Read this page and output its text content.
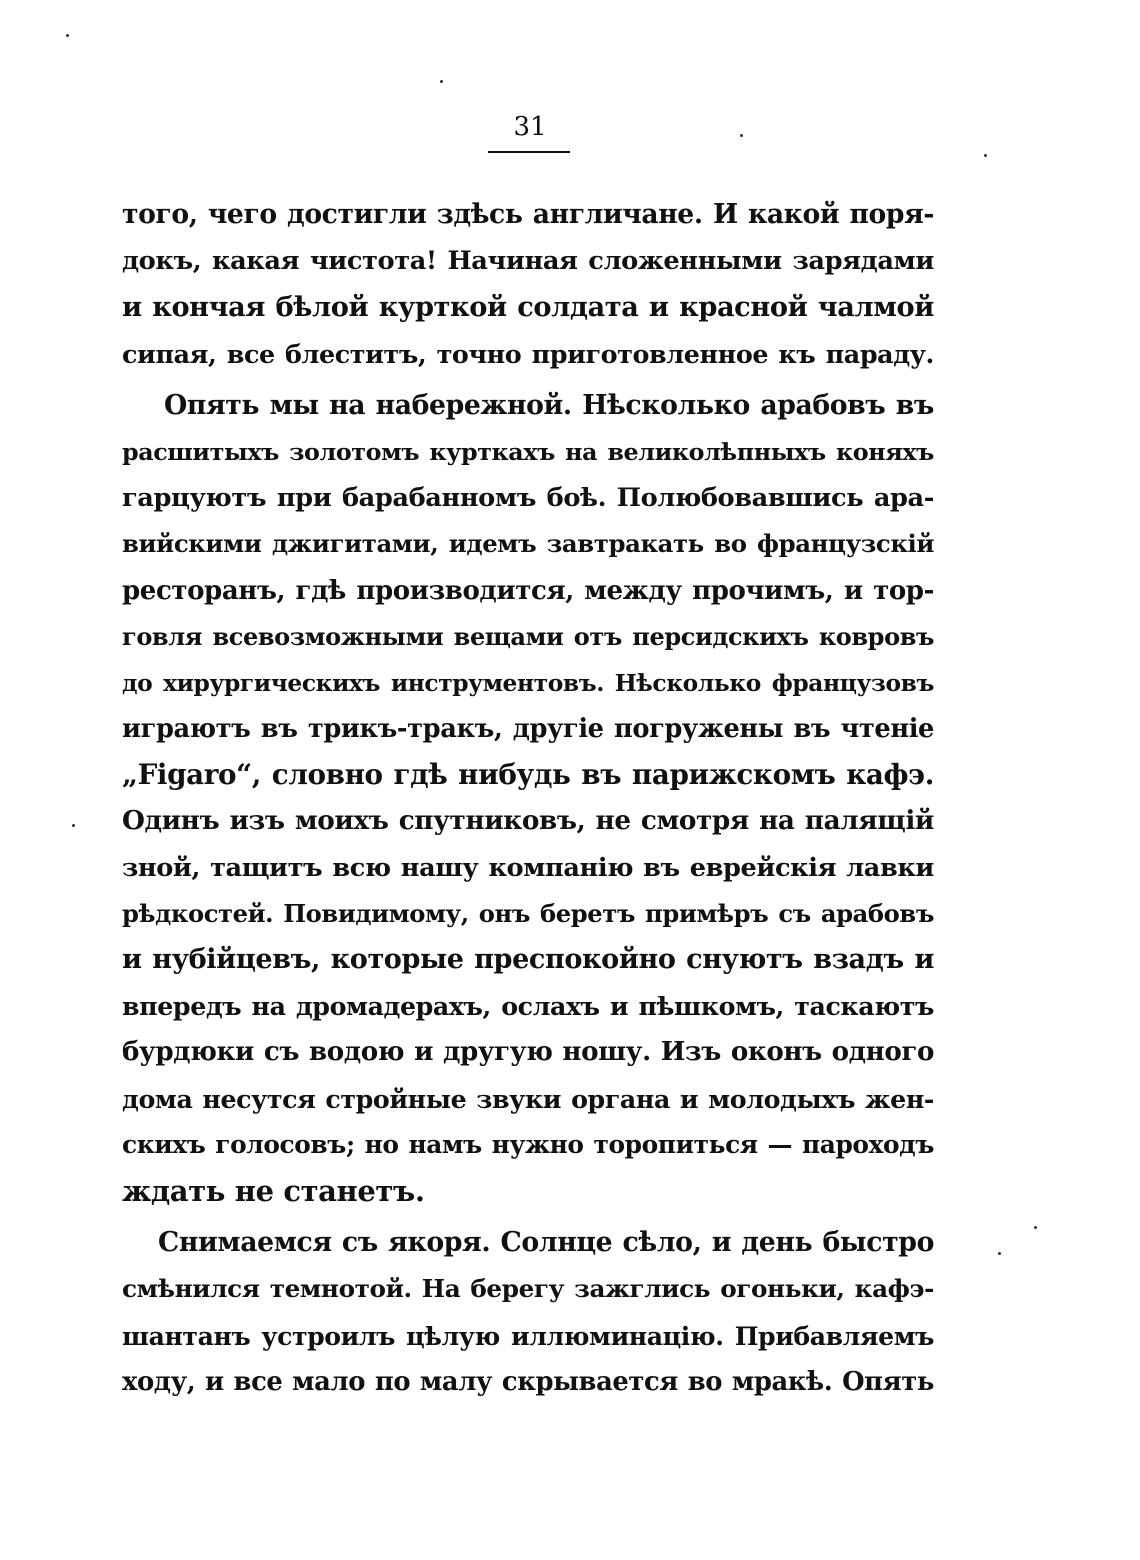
31
того, чего достигли здѣсь англичане. И какой поря-
докъ, какая чистота! Начиная сложенными зарядами
и кончая бѣлой курткой солдата и красной чалмой
сипая, все блеститъ, точно приготовленное къ параду.
Опять мы на набережной. Нѣсколько арабовъ въ
расшитыхъ золотомъ курткахъ на великолѣпныхъ коняхъ
гарцуютъ при барабанномъ боѣ. Полюбовавшись ара-
вийскими джигитами, идемъ завтракать во французскій
ресторанъ, гдѣ производится, между прочимъ, и тор-
говля всевозможными вещами отъ персидскихъ ковровъ
до хирургическихъ инструментовъ. Нѣсколько французовъ
играютъ въ трикъ-тракъ, другіе погружены въ чтеніе
„Figaro“, словно гдѣ нибудь въ парижскомъ кафэ.
Одинъ изъ моихъ спутниковъ, не смотря на палящій
зной, тащитъ всю нашу компанію въ еврейскія лавки
рѣдкостей. Повидимому, онъ беретъ примѣръ съ арабовъ
и нубійцевъ, которые преспокойно снуютъ взадъ и
впередъ на дромадерахъ, ослахъ и пѣшкомъ, таскаютъ
бурдюки съ водою и другую ношу. Изъ оконъ одного
дома несутся стройные звуки органа и молодыхъ жен-
скихъ голосовъ; но намъ нужно торопиться — пароходъ
ждать не станетъ.
Снимаемся съ якоря. Солнце сѣло, и день быстро
смѣнился темнотой. На берегу зажглись огоньки, кафэ-
шантанъ устроилъ цѣлую иллюминацію. Прибавляемъ
ходу, и все мало по малу скрывается во мракѣ. Опять
